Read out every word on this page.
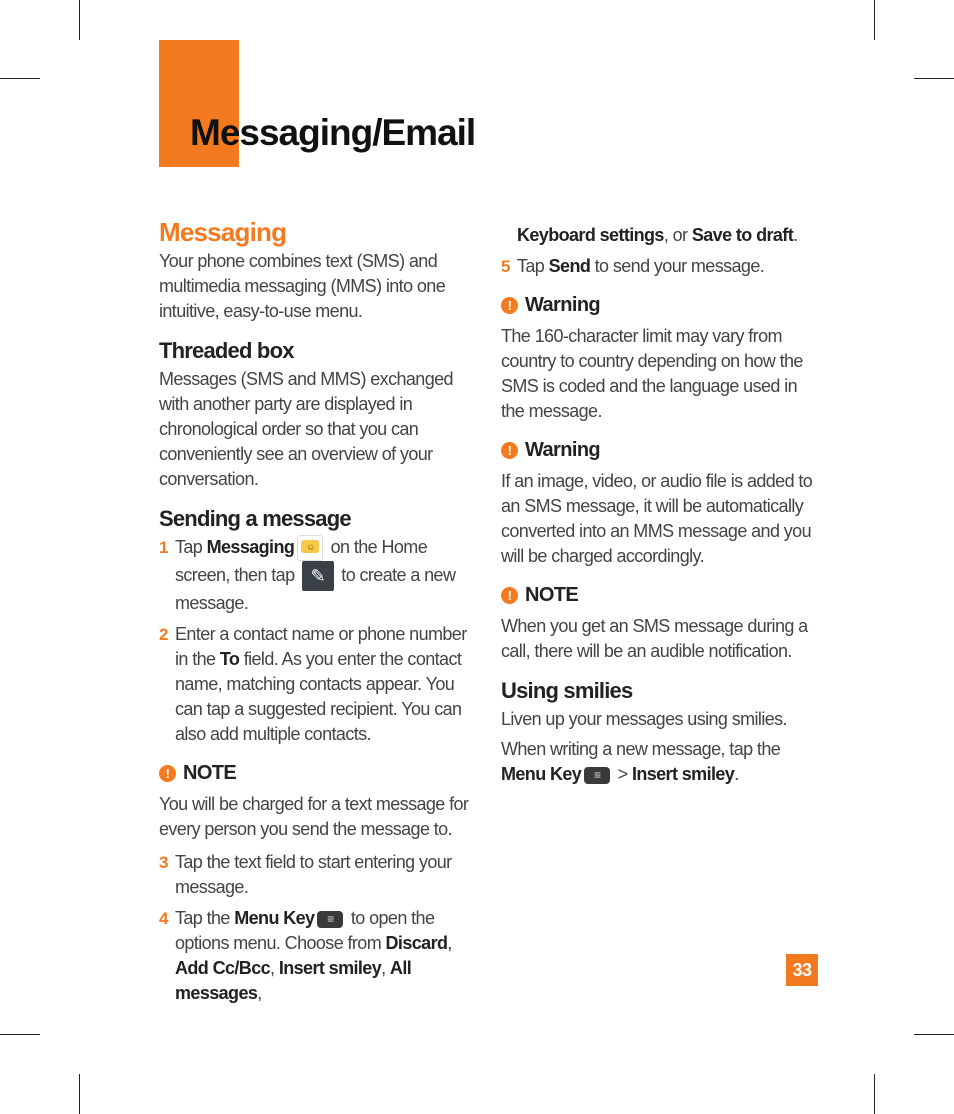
Messaging/Email
Messaging

Your phone combines text (SMS) and multimedia messaging (MMS) into one intuitive, easy-to-use menu.

Threaded box

Messages (SMS and MMS) exchanged with another party are displayed in chronological order so that you can conveniently see an overview of your conversation.

Sending a message
1 Tap Messaging ☺ on the Home screen, then tap ✎ to create a new message.
2 Enter a contact name or phone number in the To field. As you enter the contact name, matching contacts appear. You can tap a suggested recipient. You can also add multiple contacts.
! NOTE

You will be charged for a text message for every person you send the message to.

3 Tap the text field to start entering your message.
4 Tap the Menu Key ≡ to open the options menu. Choose from Discard, Add Cc/Bcc, Insert smiley, All messages,
Keyboard settings, or Save to draft.
5 Tap Send to send your message.
! Warning

The 160-character limit may vary from country to country depending on how the SMS is coded and the language used in the message.

! Warning

If an image, video, or audio file is added to an SMS message, it will be automatically converted into an MMS message and you will be charged accordingly.

! NOTE

When you get an SMS message during a call, there will be an audible notification.

Using smilies

Liven up your messages using smilies.

When writing a new message, tap the Menu Key ≡ > Insert smiley.

33
